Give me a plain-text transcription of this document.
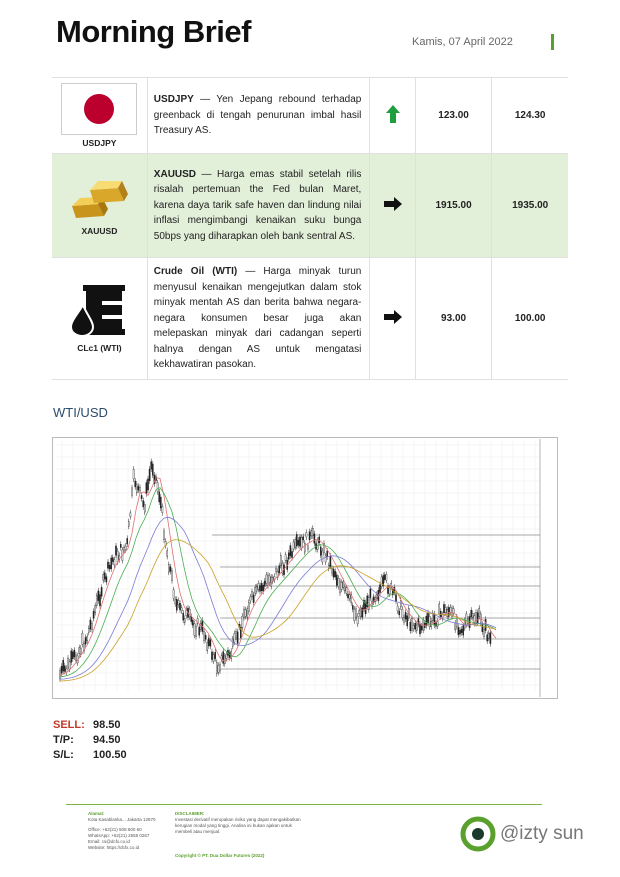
Morning Brief	Kamis, 07 April 2022
USDJPY	USDJPY — Yen Jepang rebound terhadap greenback di tengah penurunan imbal hasil Treasury AS.		123.00	124.30

XAUUSD	XAUUSD — Harga emas stabil setelah rilis risalah pertemuan the Fed bulan Maret, karena daya tarik safe haven dan lindung nilai inflasi mengimbangi kenaikan suku bunga 50bps yang diharapkan oleh bank sentral AS.		1915.00	1935.00

CLc1 (WTI)	Crude Oil (WTI) — Harga minyak turun menyusul kenaikan mengejutkan dalam stok minyak mentah AS dan berita bahwa negara-negara konsumen besar juga akan melepaskan minyak dari cadangan seperti halnya dengan AS untuk mengatasi kekhawatiran pasokan.		93.00	100.00
WTI/USD
SELL: 98.50
T/P: 94.50
S/L: 100.50
Alamat:
Kota Kasablanka... Jakarta 12870
Office: +62(21) 508 600 60
WhatsApp: +62(21) 2555 0267
Email: cs@dcfx.co.id
Website: https://dcfx.co.id
DISCLAIMER:
Investasi derivatif merupakan risiko yang dapat mengakibatkan kerugian modal yang tinggi. Analisa ini bukan ajakan untuk membeli atau menjual.
Copyright © PT. Dua Dollar Futures (2022)
@izty sun
